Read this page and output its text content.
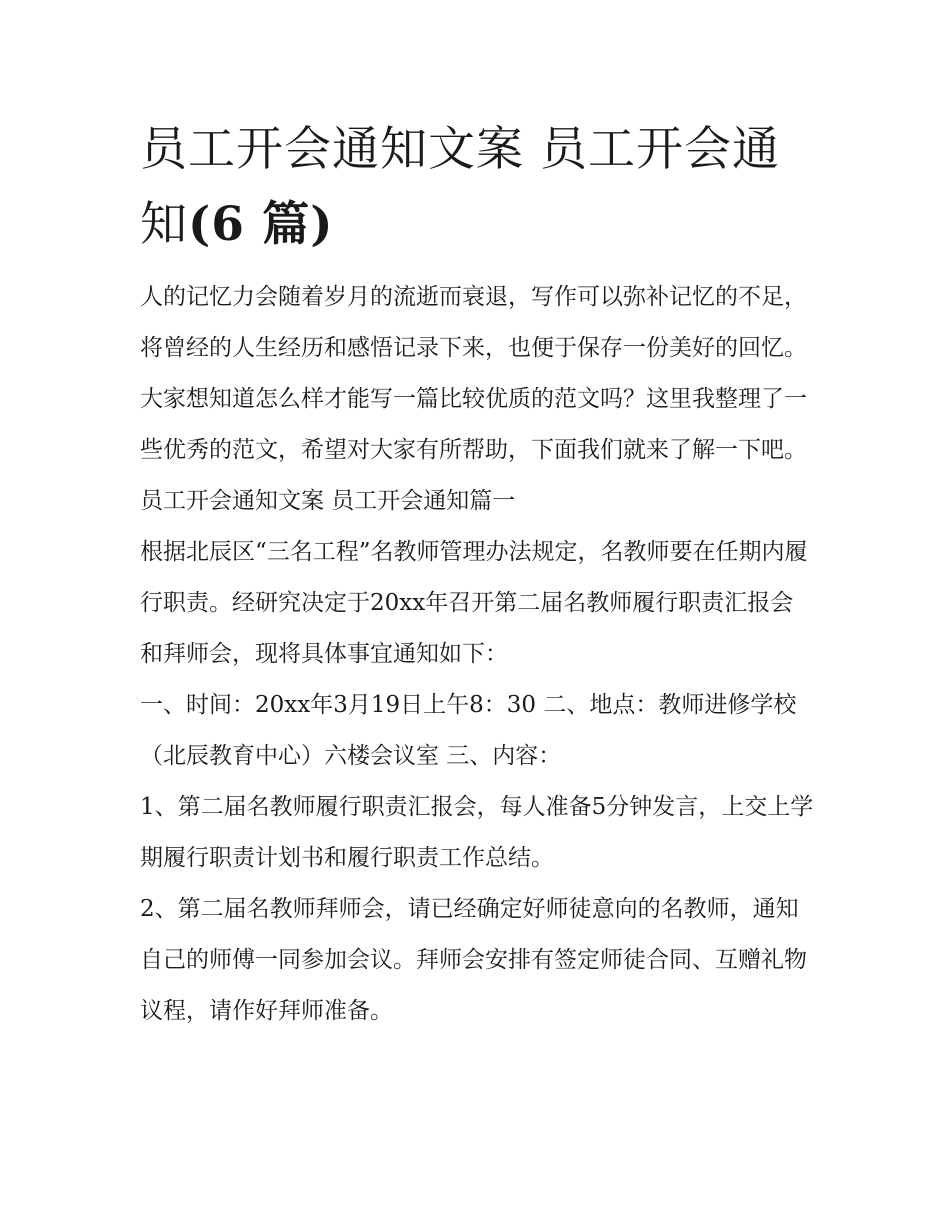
员工开会通知文案 员工开会通知(6 篇)

人的记忆力会随着岁月的流逝而衰退，写作可以弥补记忆的不足，将曾经的人生经历和感悟记录下来，也便于保存一份美好的回忆。大家想知道怎么样才能写一篇比较优质的范文吗？这里我整理了一些优秀的范文，希望对大家有所帮助，下面我们就来了解一下吧。

员工开会通知文案 员工开会通知篇一

根据北辰区“三名工程”名教师管理办法规定，名教师要在任期内履行职责。经研究决定于20xx年召开第二届名教师履行职责汇报会和拜师会，现将具体事宜通知如下：

一、时间：20xx年3月19日上午8：30 二、地点：教师进修学校（北辰教育中心）六楼会议室 三、内容：

1、第二届名教师履行职责汇报会，每人准备5分钟发言，上交上学期履行职责计划书和履行职责工作总结。

2、第二届名教师拜师会，请已经确定好师徒意向的名教师，通知自己的师傅一同参加会议。拜师会安排有签定师徒合同、互赠礼物议程，请作好拜师准备。
